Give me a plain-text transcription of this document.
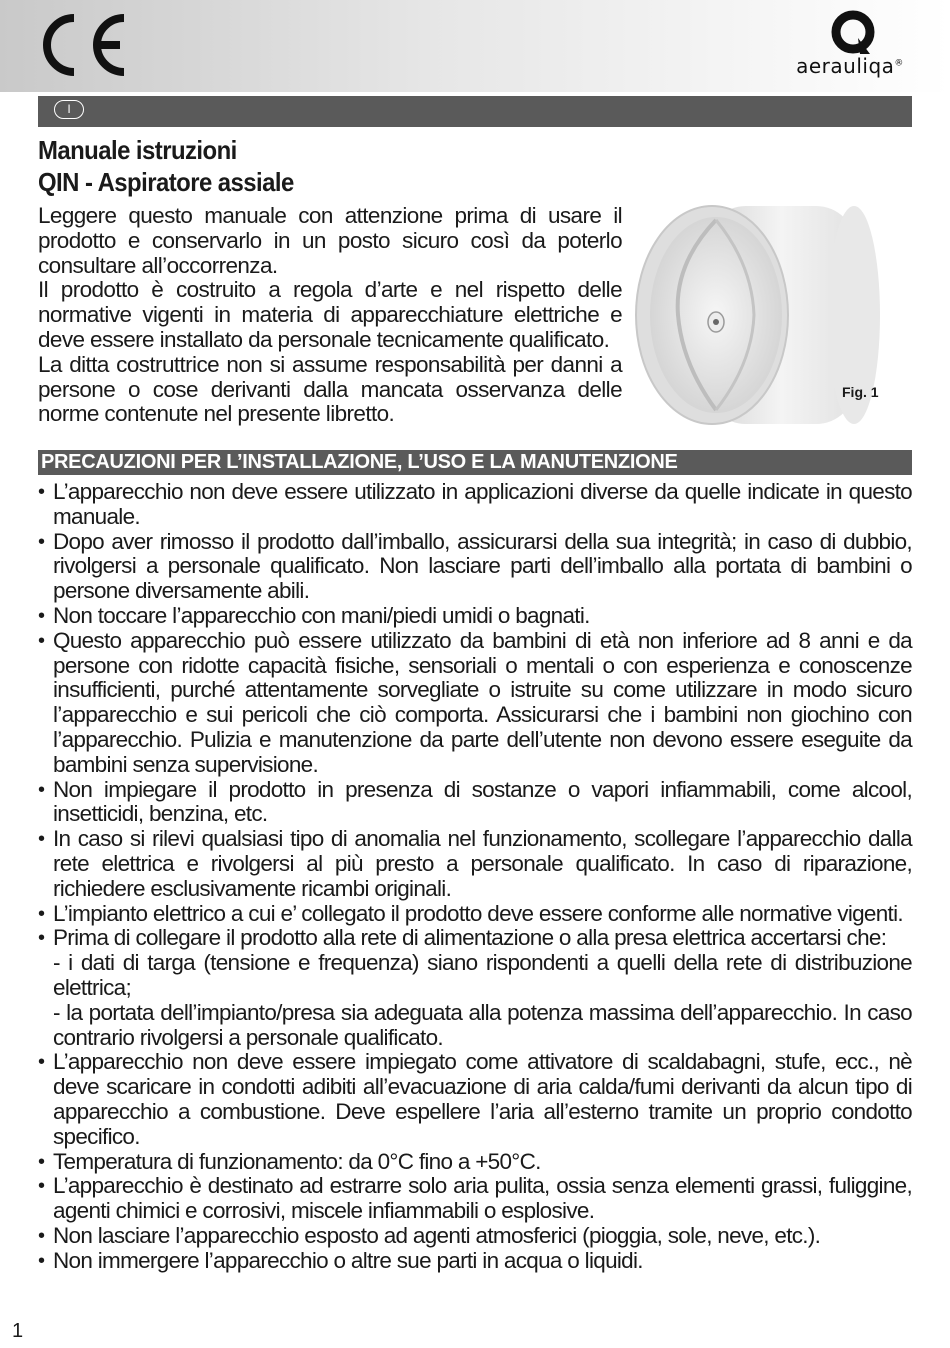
aerauliqa®
I
Manuale istruzioni
QIN - Aspiratore assiale

Leggere questo manuale con attenzione prima di usare il prodotto e conservarlo in un posto sicuro così da poterlo consultare all’occorrenza.

Il prodotto è costruito a regola d’arte e nel rispetto delle normative vigenti in materia di apparecchiature elettriche e deve essere installato da personale tecnicamente qualificato.

La ditta costruttrice non si assume responsabilità per danni a persone o cose derivanti dalla mancata osservanza delle norme contenute nel presente libretto.

Fig. 1
PRECAUZIONI PER L’INSTALLAZIONE, L’USO E LA MANUTENZIONE
• L’apparecchio non deve essere utilizzato in applicazioni diverse da quelle indicate in questo manuale.
• Dopo aver rimosso il prodotto dall’imballo, assicurarsi della sua integrità; in caso di dubbio, rivolgersi a personale qualificato. Non lasciare parti dell’imballo alla portata di bambini o persone diversamente abili.
• Non toccare l’apparecchio con mani/piedi umidi o bagnati.
• Questo apparecchio può essere utilizzato da bambini di età non inferiore ad 8 anni e da persone con ridotte capacità fisiche, sensoriali o mentali o con esperienza e conoscenze insufficienti, purché attentamente sorvegliate o istruite su come utilizzare in modo sicuro l’apparecchio e sui pericoli che ciò comporta. Assicurarsi che i bambini non giochino con l’apparecchio. Pulizia e manutenzione da parte dell’utente non devono essere eseguite da bambini senza supervisione.
• Non impiegare il prodotto in presenza di sostanze o vapori infiammabili, come alcool, insetticidi, benzina, etc.
• In caso si rilevi qualsiasi tipo di anomalia nel funzionamento, scollegare l’apparecchio dalla rete elettrica e rivolgersi al più presto a personale qualificato. In caso di riparazione, richiedere esclusivamente ricambi originali.
• L’impianto elettrico a cui e’ collegato il prodotto deve essere conforme alle normative vigenti.
• Prima di collegare il prodotto alla rete di alimentazione o alla presa elettrica accertarsi che:
- i dati di targa (tensione e frequenza) siano rispondenti a quelli della rete di distribuzione elettrica;
- la portata dell’impianto/presa sia adeguata alla potenza massima dell’apparecchio. In caso contrario rivolgersi a personale qualificato.
• L’apparecchio non deve essere impiegato come attivatore di scaldabagni, stufe, ecc., nè deve scaricare in condotti adibiti all’evacuazione di aria calda/fumi derivanti da alcun tipo di apparecchio a combustione. Deve espellere l’aria all’esterno tramite un proprio condotto specifico.
• Temperatura di funzionamento: da 0°C fino a +50°C.
• L’apparecchio è destinato ad estrarre solo aria pulita, ossia senza elementi grassi, fuliggine, agenti chimici e corrosivi, miscele infiammabili o esplosive.
• Non lasciare l’apparecchio esposto ad agenti atmosferici (pioggia, sole, neve, etc.).
• Non immergere l’apparecchio o altre sue parti in acqua o liquidi.
1
